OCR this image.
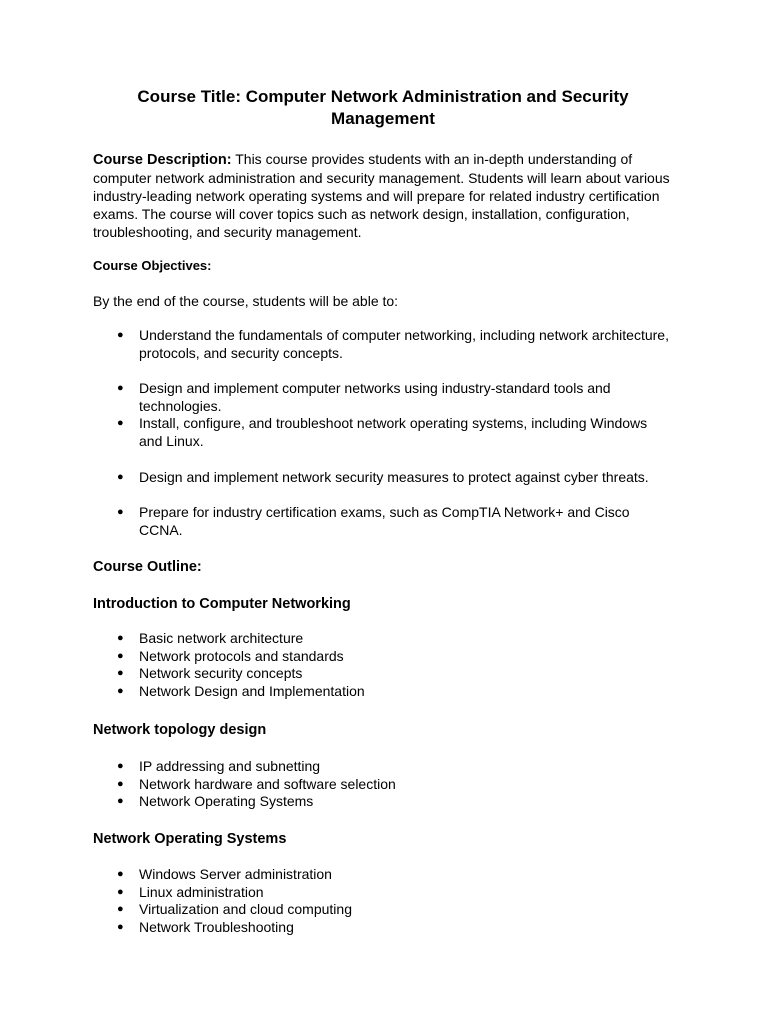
Course Title: Computer Network Administration and Security Management

Course Description: This course provides students with an in-depth understanding of computer network administration and security management. Students will learn about various industry-leading network operating systems and will prepare for related industry certification exams. The course will cover topics such as network design, installation, configuration, troubleshooting, and security management.

Course Objectives:

By the end of the course, students will be able to:

● Understand the fundamentals of computer networking, including network architecture, protocols, and security concepts.
● Design and implement computer networks using industry-standard tools and technologies.
● Install, configure, and troubleshoot network operating systems, including Windows and Linux.
● Design and implement network security measures to protect against cyber threats.
● Prepare for industry certification exams, such as CompTIA Network+ and Cisco CCNA.

Course Outline:

Introduction to Computer Networking

● Basic network architecture
● Network protocols and standards
● Network security concepts
● Network Design and Implementation

Network topology design

● IP addressing and subnetting
● Network hardware and software selection
● Network Operating Systems

Network Operating Systems

● Windows Server administration
● Linux administration
● Virtualization and cloud computing
● Network Troubleshooting
